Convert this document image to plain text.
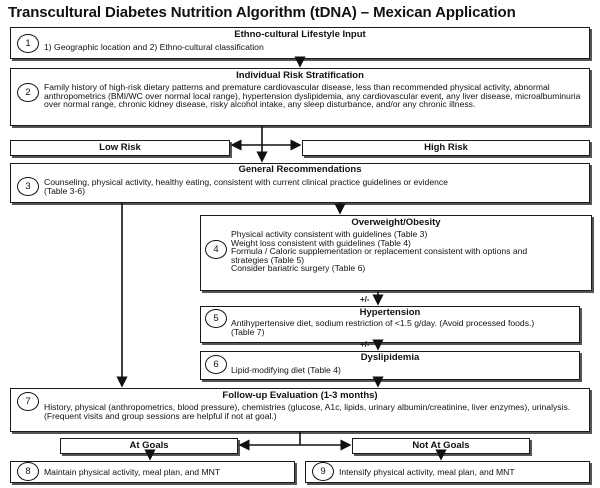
Transcultural Diabetes Nutrition Algorithm (tDNA) – Mexican Application
1
Ethno-cultural Lifestyle Input
1) Geographic location and 2) Ethno-cultural classification
2
Individual Risk Stratification
Family history of high-risk dietary patterns and premature cardiovascular disease, less than recommended physical activity, abnormal anthropometrics (BMI/WC over normal local range), hypertension dyslipidemia, any cardiovascular event, any liver disease, microalbuminuria over normal range, chronic kidney disease, risky alcohol intake, any sleep disturbance, and/or any chronic illness.
Low Risk	High Risk
3
General Recommendations
Counseling, physical activity, healthy eating, consistent with current clinical practice guidelines or evidence
(Table 3-6)
4
Overweight/Obesity
Physical activity consistent with guidelines (Table 3)
Weight loss consistent with guidelines (Table 4)
Formula / Caloric supplementation or replacement consistent with options and
strategies (Table 5)
Consider bariatric surgery (Table 6)
+/-
5
Hypertension
Antihypertensive diet, sodium restriction of <1.5 g/day. (Avoid processed foods.)
(Table 7)
+/-
6
Dyslipidemia
Lipid-modifying diet (Table 4)
7
Follow-up Evaluation (1-3 months)
History, physical (anthropometrics, blood pressure), chemistries (glucose, A1c, lipids, urinary albumin/creatinine, liver enzymes), urinalysis. (Frequent visits and group sessions are helpful if not at goal.)
At Goals	Not At Goals
8	Maintain physical activity, meal plan, and MNT	9	Intensify physical activity, meal plan, and MNT
